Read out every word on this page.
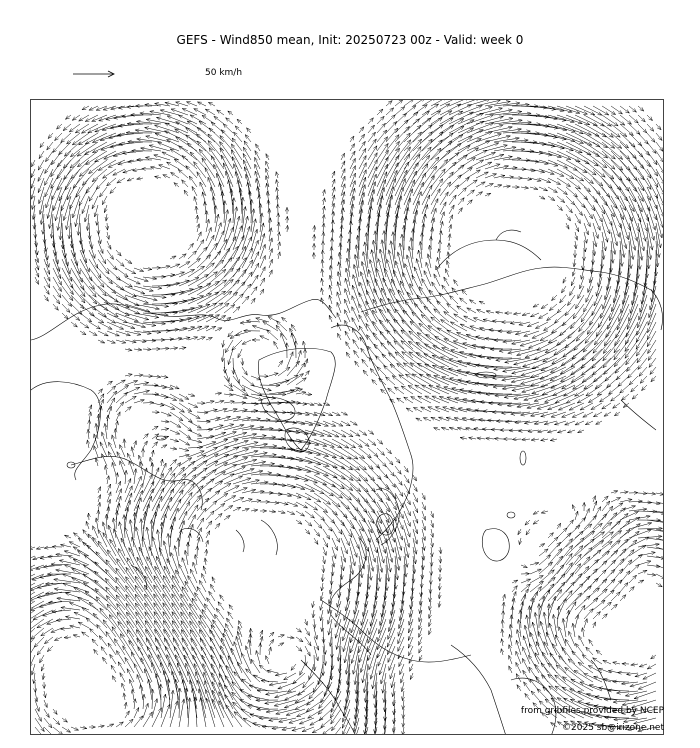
GEFS - Wind850 mean, Init: 20250723 00z - Valid: week 0
50 km/h
from gribfiles provided by NCEP
©2025 sb@irizone.net
